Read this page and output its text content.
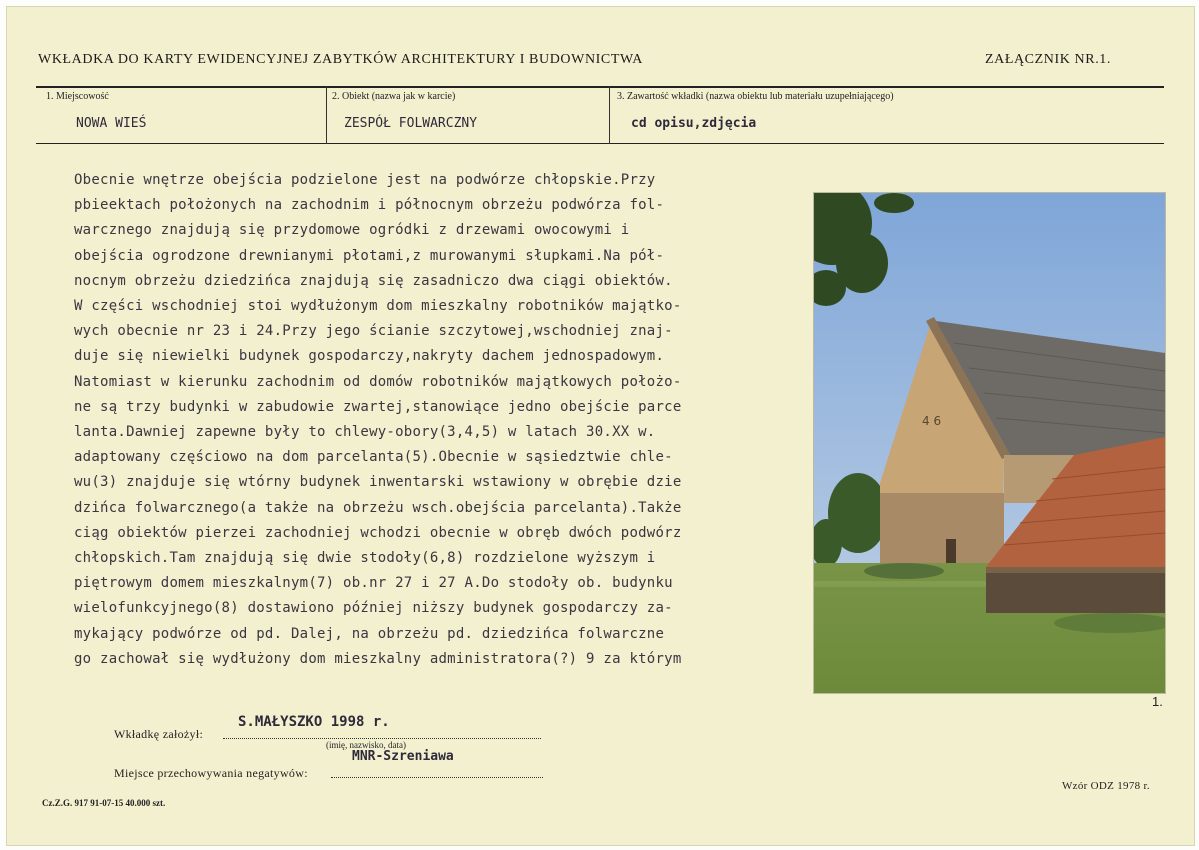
WKŁADKA DO KARTY EWIDENCYJNEJ ZABYTKÓW ARCHITEKTURY I BUDOWNICTWA	ZAŁĄCZNIK NR.1.
1. Miejscowość
NOWA WIEŚ
2. Obiekt (nazwa jak w karcie)
ZESPÓŁ FOLWARCZNY
3. Zawartość wkładki (nazwa obiektu lub materiału uzupełniającego)
cd opisu,zdjęcia
Obecnie wnętrze obejścia podzielone jest na podwórze chłopskie.Przy
pbieektach położonych na zachodnim i północnym obrzeżu podwórza fol-
warcznego znajdują się przydomowe ogródki z drzewami owocowymi i
obejścia ogrodzone drewnianymi płotami,z murowanymi słupkami.Na pół-
nocnym obrzeżu dziedzińca znajdują się zasadniczo dwa ciągi obiektów.
W części wschodniej stoi wydłużonym dom mieszkalny robotników majątko-
wych obecnie nr 23 i 24.Przy jego ścianie szczytowej,wschodniej znaj-
duje się niewielki budynek gospodarczy,nakryty dachem jednospadowym.
Natomiast w kierunku zachodnim od domów robotników majątkowych położo-
ne są trzy budynki w zabudowie zwartej,stanowiące jedno obejście parce
lanta.Dawniej zapewne były to chlewy-obory(3,4,5) w latach 30.XX w.
adaptowany częściowo na dom parcelanta(5).Obecnie w sąsiedztwie chle-
wu(3) znajduje się wtórny budynek inwentarski wstawiony w obrębie dzie
dzińca folwarcznego(a także na obrzeżu wsch.obejścia parcelanta).Także
ciąg obiektów pierzei zachodniej wchodzi obecnie w obręb dwóch podwórz
chłopskich.Tam znajdują się dwie stodoły(6,8) rozdzielone wyższym i
piętrowym domem mieszkalnym(7) ob.nr 27 i 27 A.Do stodoły ob. budynku
wielofunkcyjnego(8) dostawiono później niższy budynek gospodarczy za-
mykający podwórze od pd. Dalej, na obrzeżu pd. dziedzińca folwarczne
go zachował się wydłużony dom mieszkalny administratora(?) 9 za którym
4 6
1.
S.MAŁYSZKO 1998 r.
Wkładkę założył:
(imię, nazwisko, data)
MNR-Szreniawa
Miejsce przechowywania negatywów:
Cz.Z.G. 917 91-07-15 40.000 szt.
Wzór ODZ 1978 r.
